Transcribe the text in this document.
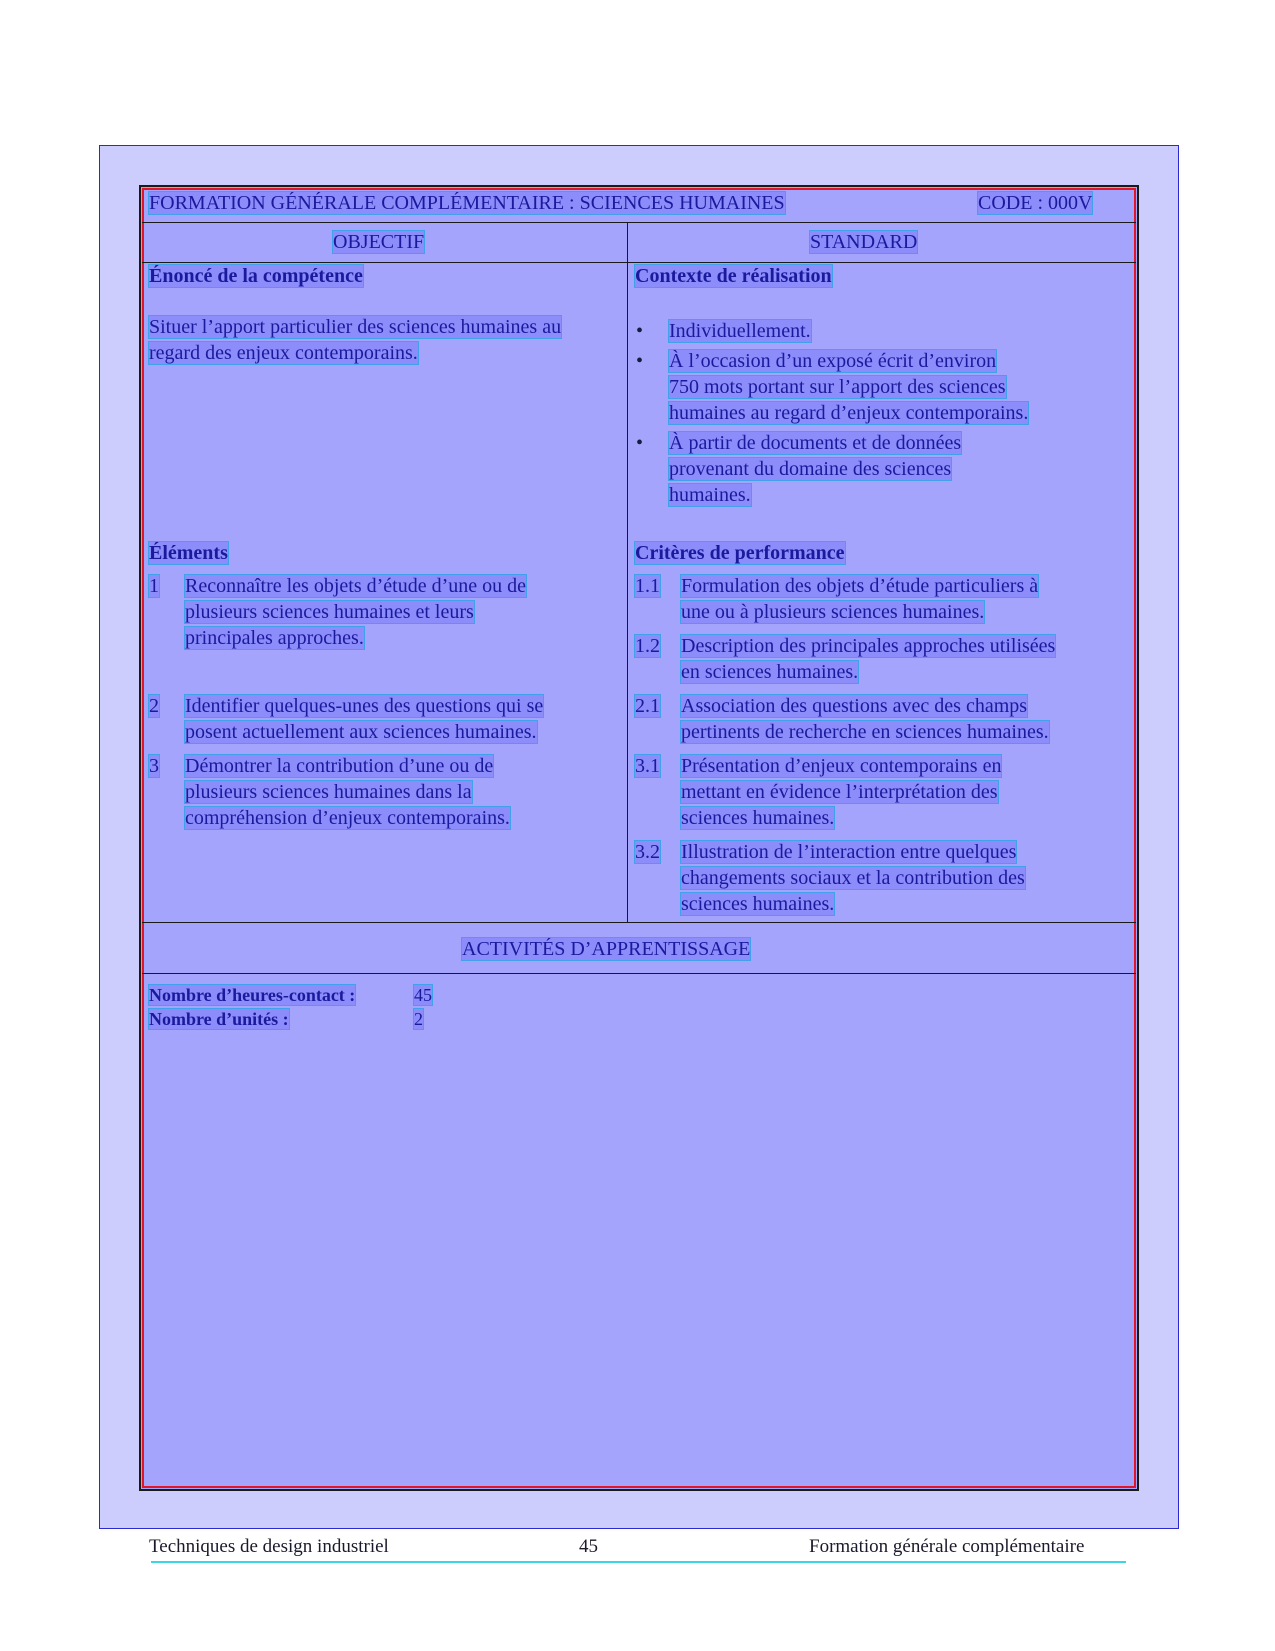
FORMATION GÉNÉRALE COMPLÉMENTAIRE : SCIENCES HUMAINES	CODE : 000V
OBJECTIF	STANDARD
Énoncé de la compétence
Situer l’apport particulier des sciences humaines au
regard des enjeux contemporains.
Contexte de réalisation
• Individuellement.
• À l’occasion d’un exposé écrit d’environ
750 mots portant sur l’apport des sciences
humaines au regard d’enjeux contemporains.
• À partir de documents et de données
provenant du domaine des sciences
humaines.
Éléments
1 Reconnaître les objets d’étude d’une ou de
plusieurs sciences humaines et leurs
principales approches.
2 Identifier quelques-unes des questions qui se
posent actuellement aux sciences humaines.
3 Démontrer la contribution d’une ou de
plusieurs sciences humaines dans la
compréhension d’enjeux contemporains.
Critères de performance
1.1 Formulation des objets d’étude particuliers à
une ou à plusieurs sciences humaines.
1.2 Description des principales approches utilisées
en sciences humaines.
2.1 Association des questions avec des champs
pertinents de recherche en sciences humaines.
3.1 Présentation d’enjeux contemporains en
mettant en évidence l’interprétation des
sciences humaines.
3.2 Illustration de l’interaction entre quelques
changements sociaux et la contribution des
sciences humaines.
ACTIVITÉS D’APPRENTISSAGE
Nombre d’heures-contact :	45
Nombre d’unités :	2
Techniques de design industriel	45	Formation générale complémentaire
